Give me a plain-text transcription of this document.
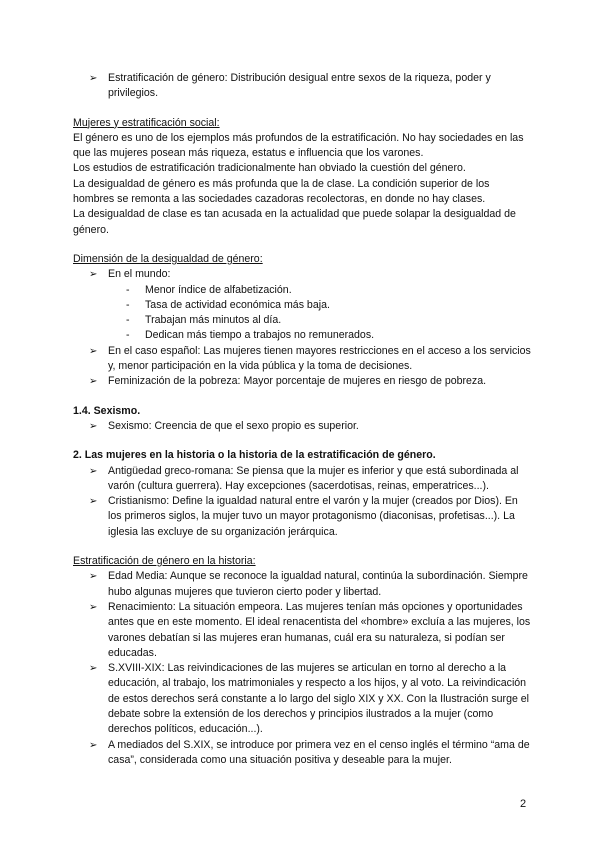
➢ Estratificación de género: Distribución desigual entre sexos de la riqueza, poder y privilegios.
Mujeres y estratificación social:
El género es uno de los ejemplos más profundos de la estratificación. No hay sociedades en las que las mujeres posean más riqueza, estatus e influencia que los varones.
Los estudios de estratificación tradicionalmente han obviado la cuestión del género.
La desigualdad de género es más profunda que la de clase. La condición superior de los hombres se remonta a las sociedades cazadoras recolectoras, en donde no hay clases.
La desigualdad de clase es tan acusada en la actualidad que puede solapar la desigualdad de género.
Dimensión de la desigualdad de género:
➢ En el mundo:
- Menor índice de alfabetización.
- Tasa de actividad económica más baja.
- Trabajan más minutos al día.
- Dedican más tiempo a trabajos no remunerados.
➢ En el caso español: Las mujeres tienen mayores restricciones en el acceso a los servicios y, menor participación en la vida pública y la toma de decisiones.
➢ Feminización de la pobreza: Mayor porcentaje de mujeres en riesgo de pobreza.
1.4. Sexismo.
➢ Sexismo: Creencia de que el sexo propio es superior.
2. Las mujeres en la historia o la historia de la estratificación de género.
➢ Antigüedad greco-romana: Se piensa que la mujer es inferior y que está subordinada al varón (cultura guerrera). Hay excepciones (sacerdotisas, reinas, emperatrices...).
➢ Cristianismo: Define la igualdad natural entre el varón y la mujer (creados por Dios). En los primeros siglos, la mujer tuvo un mayor protagonismo (diaconisas, profetisas...). La iglesia las excluye de su organización jerárquica.
Estratificación de género en la historia:
➢ Edad Media: Aunque se reconoce la igualdad natural, continúa la subordinación. Siempre hubo algunas mujeres que tuvieron cierto poder y libertad.
➢ Renacimiento: La situación empeora. Las mujeres tenían más opciones y oportunidades antes que en este momento. El ideal renacentista del «hombre» excluía a las mujeres, los varones debatían si las mujeres eran humanas, cuál era su naturaleza, si podían ser educadas.
➢ S.XVIII-XIX: Las reivindicaciones de las mujeres se articulan en torno al derecho a la educación, al trabajo, los matrimoniales y respecto a los hijos, y al voto. La reivindicación de estos derechos será constante a lo largo del siglo XIX y XX. Con la Ilustración surge el debate sobre la extensión de los derechos y principios ilustrados a la mujer (como derechos políticos, educación...).
➢ A mediados del S.XIX, se introduce por primera vez en el censo inglés el término “ama de casa”, considerada como una situación positiva y deseable para la mujer.
2
